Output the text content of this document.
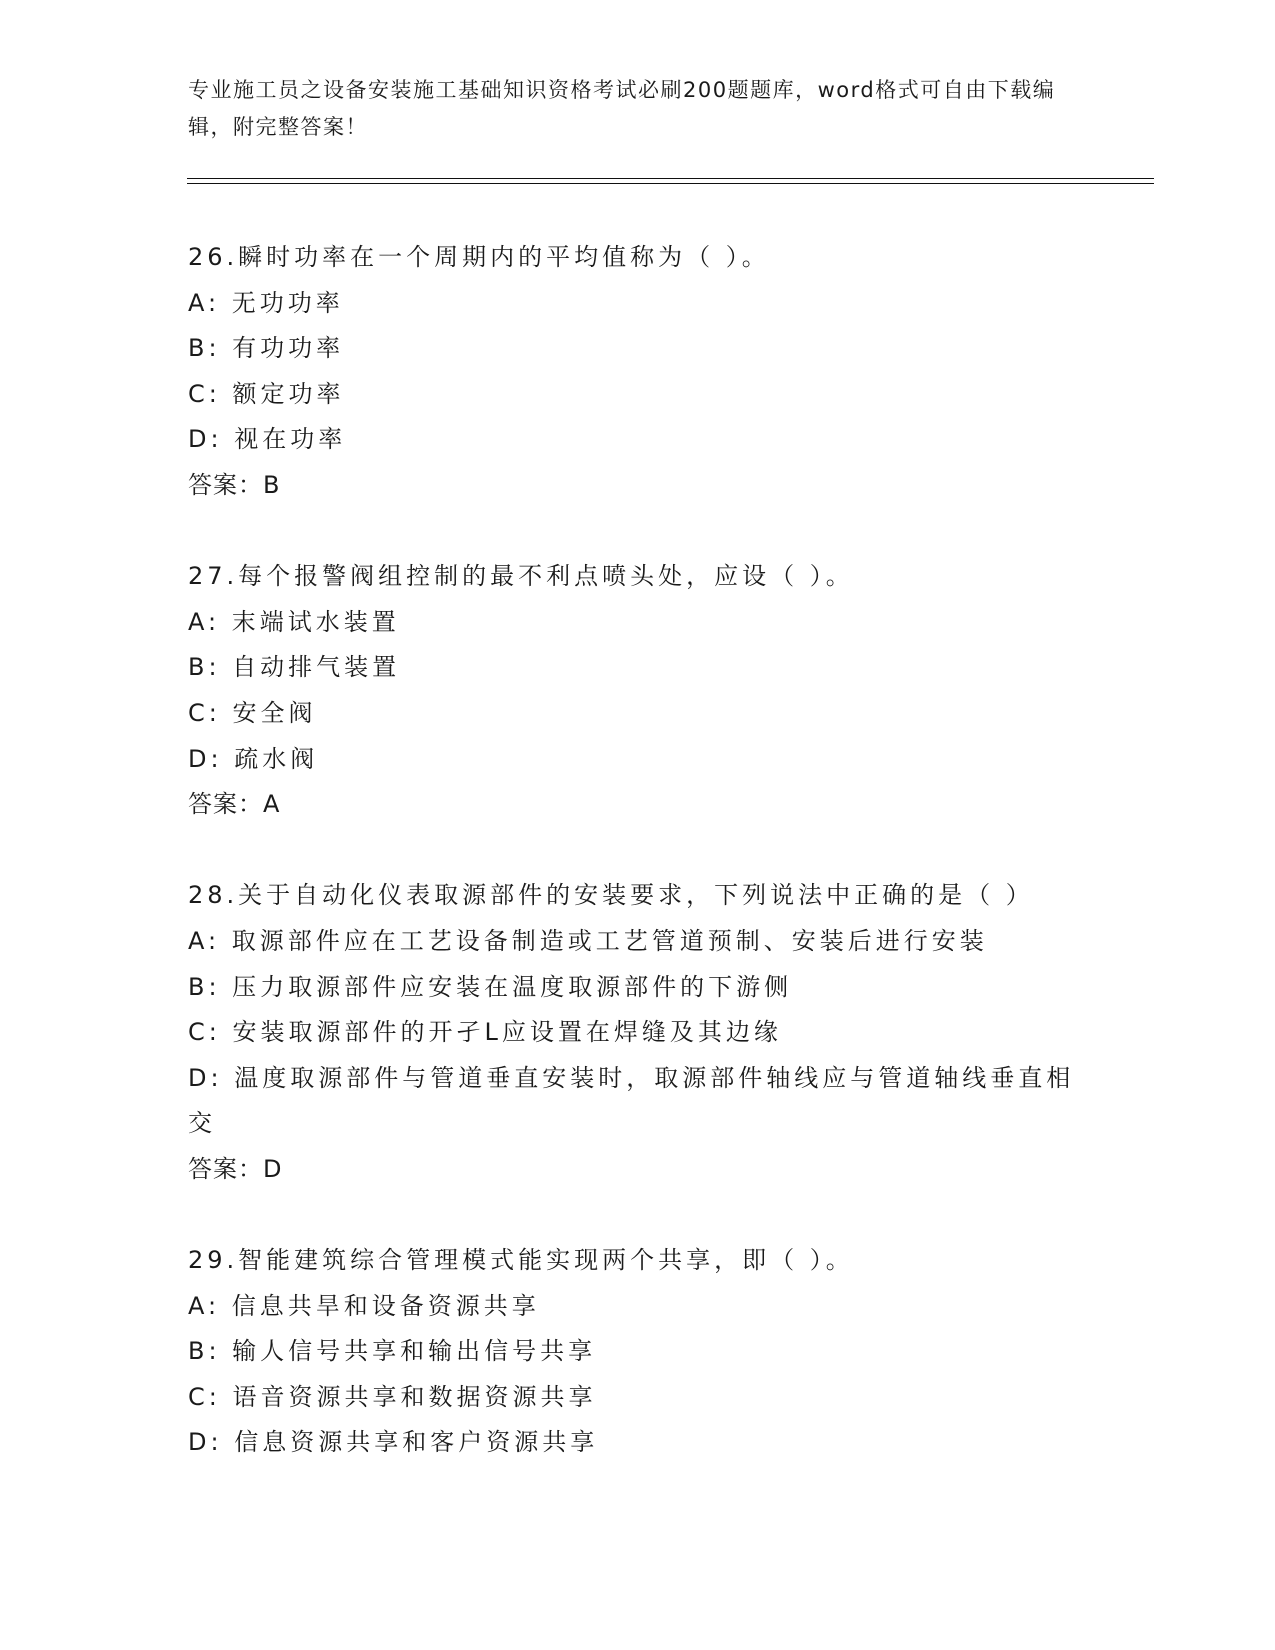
专业施工员之设备安装施工基础知识资格考试必刷200题题库，word格式可自由下载编辑，附完整答案！
26.瞬时功率在一个周期内的平均值称为（ ）。
A: 无功功率
B: 有功功率
C: 额定功率
D: 视在功率
答案：B
27.每个报警阀组控制的最不利点喷头处，应设（ ）。
A: 末端试水装置
B: 自动排气装置
C: 安全阀
D: 疏水阀
答案：A
28.关于自动化仪表取源部件的安装要求，下列说法中正确的是（ ）
A: 取源部件应在工艺设备制造或工艺管道预制、安装后进行安装
B: 压力取源部件应安装在温度取源部件的下游侧
C: 安装取源部件的开孑L应设置在焊缝及其边缘
D: 温度取源部件与管道垂直安装时，取源部件轴线应与管道轴线垂直相交
答案：D
29.智能建筑综合管理模式能实现两个共享，即（ ）。
A: 信息共旱和设备资源共享
B: 输人信号共享和输出信号共享
C: 语音资源共享和数据资源共享
D: 信息资源共享和客户资源共享
